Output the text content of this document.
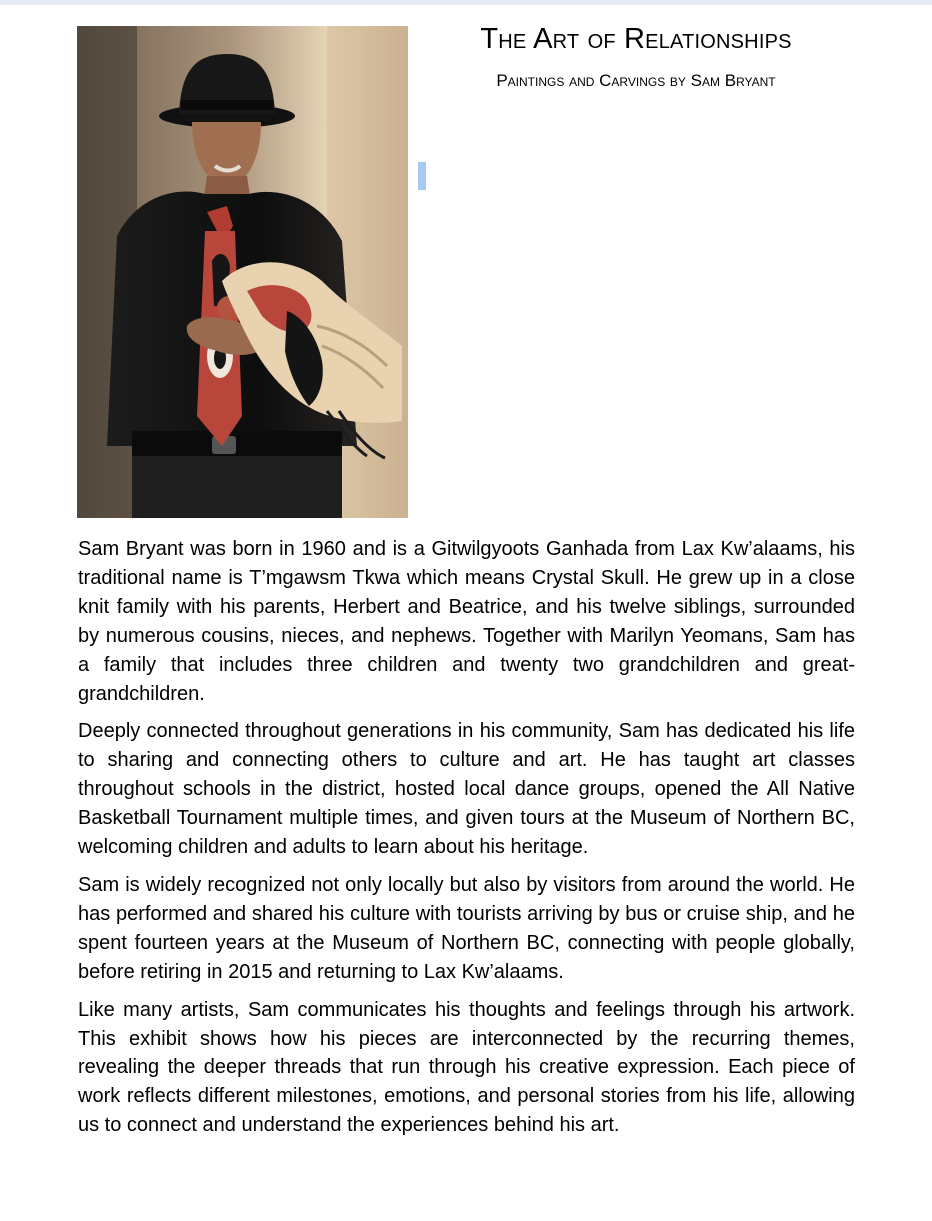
The Art of Relationships

Paintings and Carvings by Sam Bryant

Sam Bryant was born in 1960 and is a Gitwilgyoots Ganhada from Lax Kw’alaams, his traditional name is T’mgawsm Tkwa which means Crystal Skull. He grew up in a close knit family with his parents, Herbert and Beatrice, and his twelve siblings, surrounded by numerous cousins, nieces, and nephews. Together with Marilyn Yeomans, Sam has a family that includes three children and twenty two grandchildren and great-grandchildren.

Deeply connected throughout generations in his community, Sam has dedicated his life to sharing and connecting others to culture and art. He has taught art classes throughout schools in the district, hosted local dance groups, opened the All Native Basketball Tournament multiple times, and given tours at the Museum of Northern BC, welcoming children and adults to learn about his heritage.

Sam is widely recognized not only locally but also by visitors from around the world. He has performed and shared his culture with tourists arriving by bus or cruise ship, and he spent fourteen years at the Museum of Northern BC, connecting with people globally, before retiring in 2015 and returning to Lax Kw’alaams.

Like many artists, Sam communicates his thoughts and feelings through his artwork. This exhibit shows how his pieces are interconnected by the recurring themes, revealing the deeper threads that run through his creative expression. Each piece of work reflects different milestones, emotions, and personal stories from his life, allowing us to connect and understand the experiences behind his art.
